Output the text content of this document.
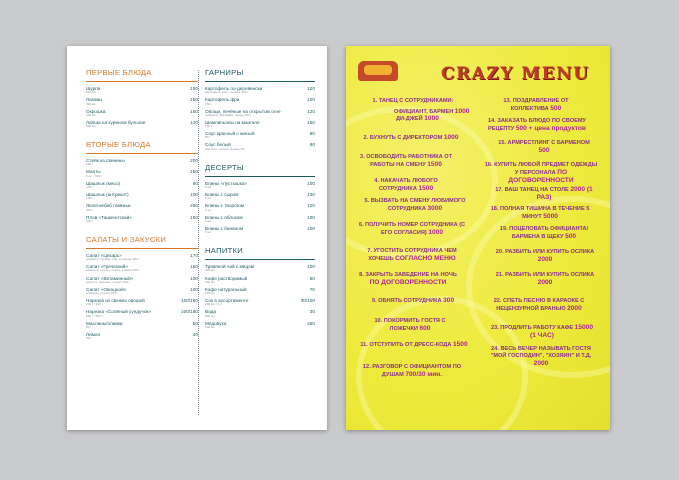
ПЕРВЫЕ БЛЮДА
Шурпа	150
300 мл
Лагман	150
300 мл
Окрошка	150
300 мл
Лапша на курином бульоне	120
300 мл
ВТОРЫЕ БЛЮДА
Стейк из свинины	200
300 г
Манты	150
3 шт / 300 г
Шашлык (мясо)	90
100 г
Шашлык (антрекот)	100
100 г
Люля-кебаб говяжьи	250
300 г
Плов «Ташкентский»	150
300 г
САЛАТЫ И ЗАКУСКИ
Салат «Цезарь»	170
помидор, курица, сыр, сухарики 200 г
Салат «Греческий»	150
помидор, огурец, перец, оливки 200 г
Салат «Витаминный»	100
капуста, морковь, огурец 200 г
Салат «Овощной»	100
помидор, огурец 200 г
Нарезка из свежих овощей	100/180
200 г / 400 г
Нарезка «Солёный сундучок»	100/180
200 г / 400 г
Маслины/оливки	50
50 г
Лимон	40
50 г
ГАРНИРЫ
Картофель по-деревенски	120
картофель, соль, зелень 150 г
Картофель фри	100
150 г
Овощи, печёные на открытом огне	120
помидор, баклажан, перец 150 г
Шампиньоны на мангале	150
150 г
Соус красный с кинзой	80
50 г
Соус белый	80
сметана, чеснок, зелень 50 г
ДЕСЕРТЫ
Блины «пустышка»	100
3 шт
Блины с сыром	130
3 шт
Блины с творогом	120
3 шт
Блины с яблоком	100
3 шт
Блины с бананом	100
3 шт
НАПИТКИ
Травяной чай с мёдом	100
300 мл
Кофе растворимый	50
200 мл
Кофе натуральный	70
200 мл
Сок в ассортименте	30/100
200 мл / 1 л
Вода	30
500 мл
Медовуха	250
500 мл
CRAZY MENU
1. ТАНЕЦ С СОТРУДНИКАМИ:
ОФИЦИАНТ, БАРМЕН 1000
ДИ-ДЖЕЙ 1000
2. БУХНУТЬ С ДИРЕКТОРОМ 1000
3. ОСВОБОДИТЬ РАБОТНИКА ОТ РАБОТЫ НА СМЕНУ 1500
4. НАКАЧАТЬ ЛЮБОГО СОТРУДНИКА 1500
5. ВЫЗВАТЬ НА СМЕНУ ЛЮБИМОГО СОТРУДНИКА 3000
6. ПОЛУЧИТЬ НОМЕР СОТРУДНИКА (С ЕГО СОГЛАСИЯ) 1000
7. УГОСТИТЬ СОТРУДНИКА ЧЕМ ХОЧЕШЬ СОГЛАСНО МЕНЮ
8. ЗАКРЫТЬ ЗАВЕДЕНИЕ НА НОЧЬ ПО ДОГОВОРЕННОСТИ
9. ОБНЯТЬ СОТРУДНИКА 300
10. ПОКОРМИТЬ ГОСТЯ С ЛОЖЕЧКИ 600
11. ОТСТУПИТЬ ОТ ДРЕСС-КОДА 1500
12. РАЗГОВОР С ОФИЦИАНТОМ ПО ДУШАМ 700/30 мин.
13. ПОЗДРАВЛЕНИЕ ОТ КОЛЛЕКТИВА 500
14. ЗАКАЗАТЬ БЛЮДО ПО СВОЕМУ РЕЦЕПТУ 500 + цена продуктов
15. АРМРЕСТЛИНГ С БАРМЕНОМ 500
16. КУПИТЬ ЛЮБОЙ ПРЕДМЕТ ОДЕЖДЫ У ПЕРСОНАЛА ПО ДОГОВОРЕННОСТИ
17. ВАШ ТАНЕЦ НА СТОЛЕ 2000 (1 РАЗ)
18. ПОЛНАЯ ТИШИНА В ТЕЧЕНИЕ 5 МИНУТ 5000
19. ПОЦЕЛОВАТЬ ОФИЦИАНТА/ БАРМЕНА В ЩЕКУ 500
20. РАЗБИТЬ ИЛИ КУПИТЬ ОСЛИКА 2000
21. РАЗБИТЬ ИЛИ КУПИТЬ ОСЛИКА 2000
22. СПЕТЬ ПЕСНЮ В КАРАОКЕ С НЕЦЕНЗУРНОЙ БРАНЬЮ 2000
23. ПРОДЛИТЬ РАБОТУ КАФЕ 15000 (1 ЧАС)
24. ВЕСЬ ВЕЧЕР НАЗЫВАТЬ ГОСТЯ "МОЙ ГОСПОДИН", "ХОЗЯИН" И Т.Д. 2000
